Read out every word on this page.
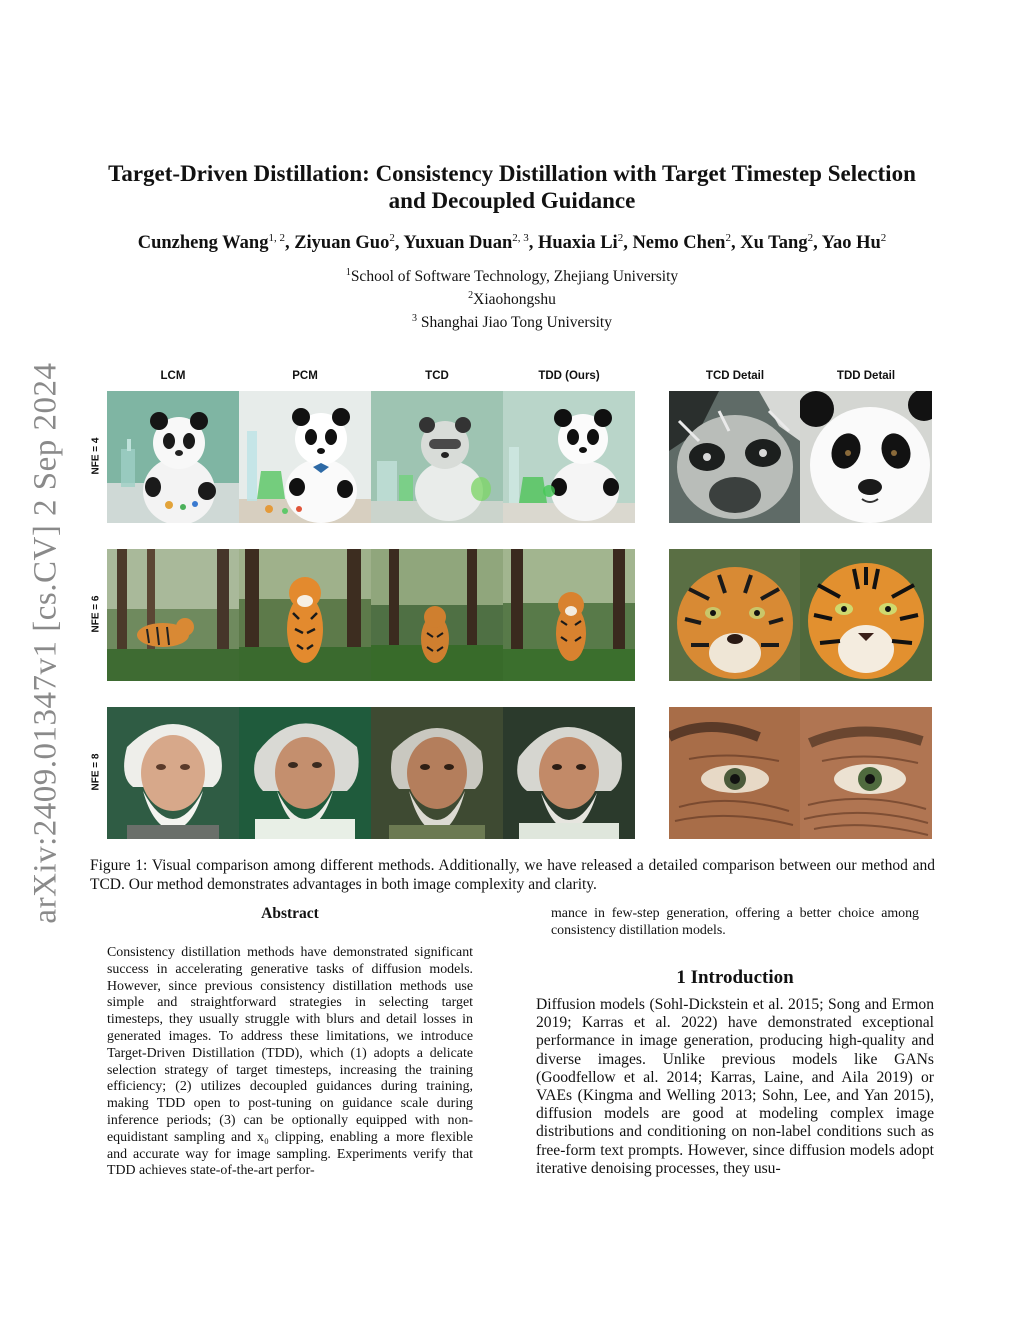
arXiv:2409.01347v1 [cs.CV] 2 Sep 2024
Target-Driven Distillation: Consistency Distillation with Target Timestep Selection
and Decoupled Guidance
Cunzheng Wang$^{1, 2}$, Ziyuan Guo$^2$, Yuxuan Duan$^{2, 3}$, Huaxia Li$^2$, Nemo Chen$^2$, Xu Tang$^2$, Yao Hu$^2$
$^1$School of Software Technology, Zhejiang University
$^2$Xiaohongshu
$^3$ Shanghai Jiao Tong University
LCM	PCM	TCD	TDD (Ours)	TCD Detail	TDD Detail
NFE = 4
NFE = 6
NFE = 8
Figure 1: Visual comparison among different methods. Additionally, we have released a detailed comparison between our method and TCD. Our method demonstrates advantages in both image complexity and clarity.
Abstract
Consistency distillation methods have demonstrated significant success in accelerating generative tasks of diffusion models. However, since previous consistency distillation methods use simple and straightforward strategies in selecting target timesteps, they usually struggle with blurs and detail losses in generated images. To address these limitations, we introduce Target-Driven Distillation (TDD), which (1) adopts a delicate selection strategy of target timesteps, increasing the training efficiency; (2) utilizes decoupled guidances during training, making TDD open to post-tuning on guidance scale during inference periods; (3) can be optionally equipped with non-equidistant sampling and x₀ clipping, enabling a more flexible and accurate way for image sampling. Experiments verify that TDD achieves state-of-the-art perfor-
mance in few-step generation, offering a better choice among consistency distillation models.
1 Introduction
Diffusion models (Sohl-Dickstein et al. 2015; Song and Ermon 2019; Karras et al. 2022) have demonstrated exceptional performance in image generation, producing high-quality and diverse images. Unlike previous models like GANs (Goodfellow et al. 2014; Karras, Laine, and Aila 2019) or VAEs (Kingma and Welling 2013; Sohn, Lee, and Yan 2015), diffusion models are good at modeling complex image distributions and conditioning on non-label conditions such as free-form text prompts. However, since diffusion models adopt iterative denoising processes, they usu-
